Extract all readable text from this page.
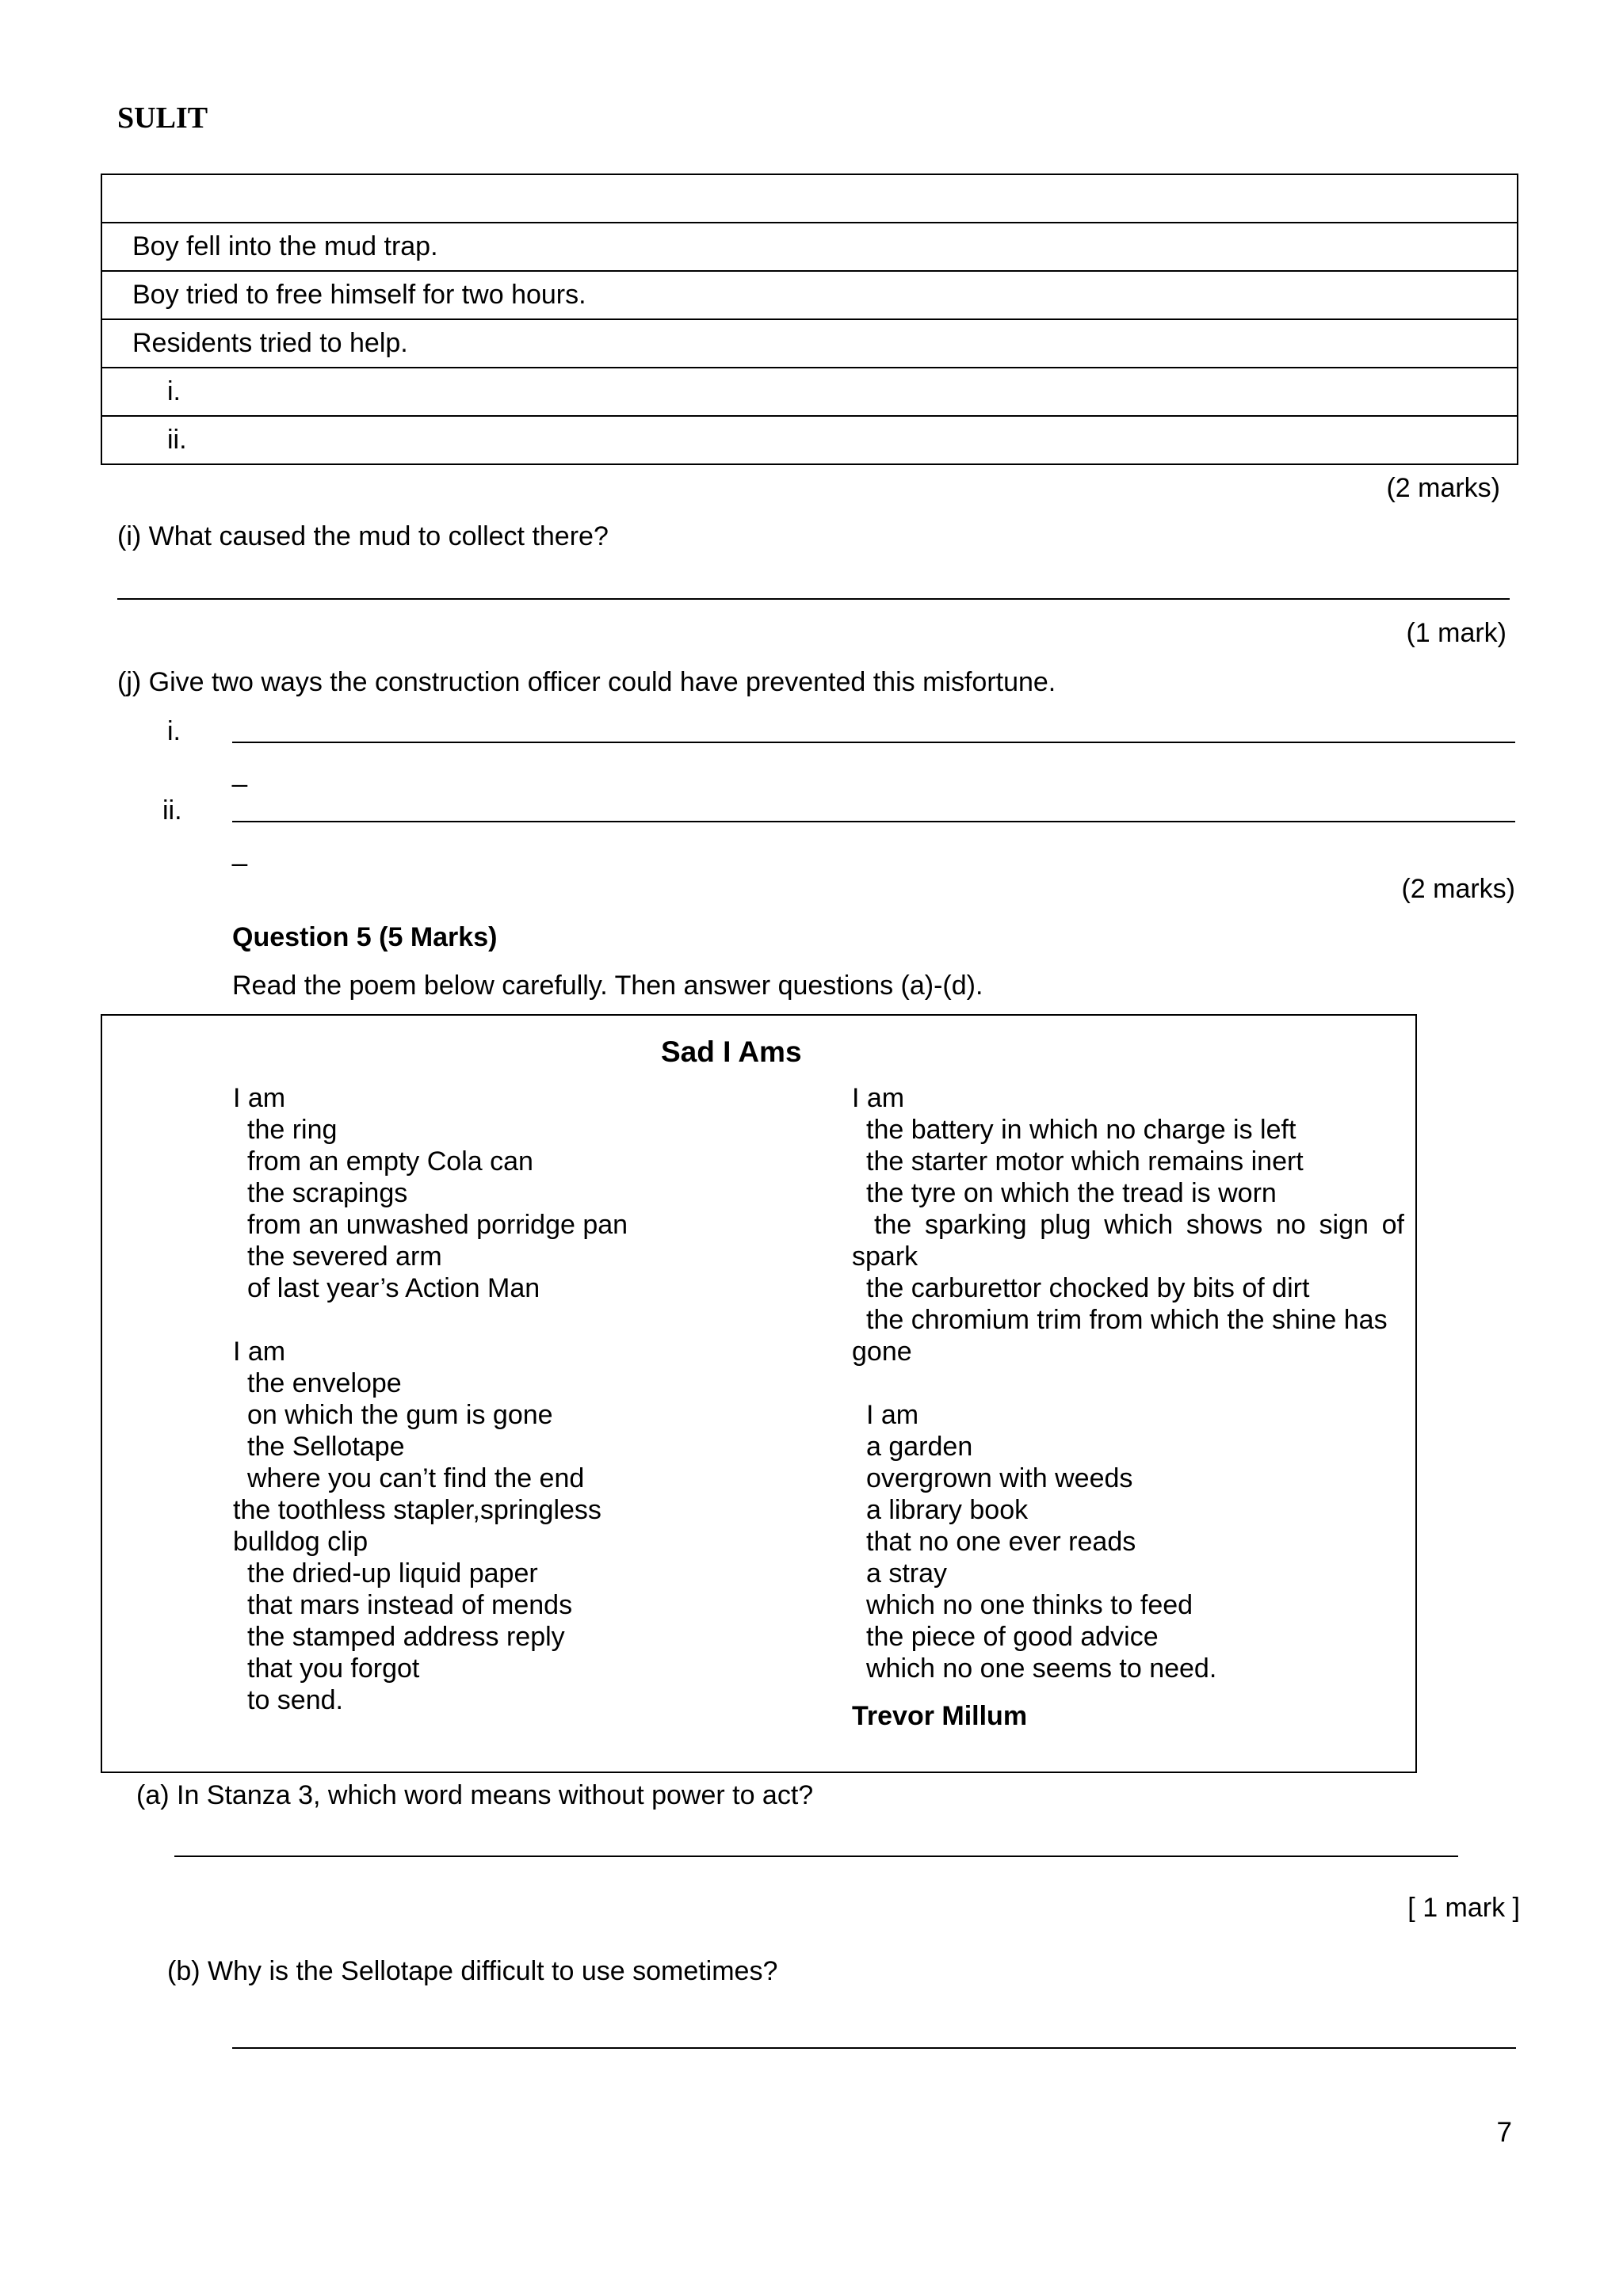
SULIT

Boy fell into the mud trap.
Boy tried to free himself for two hours.
Residents tried to help.
i.
ii.
(2 marks)
(i) What caused the mud to collect there?
(1 mark)
(j) Give two ways the construction officer could have prevented this misfortune.
i.
_
ii.
_
(2 marks)
Question 5 (5 Marks)
Read the poem below carefully. Then answer questions (a)-(d).
Sad I Ams
I am
the ring
from an empty Cola can
the scrapings
from an unwashed porridge pan
the severed arm
of last year’s Action Man
I am
the envelope
on which the gum is gone
the Sellotape
where you can’t find the end
the toothless stapler,springless
bulldog clip
the dried-up liquid paper
that mars instead of mends
the stamped address reply
that you forgot
to send.
I am
the battery in which no charge is left
the starter motor which remains inert
the tyre on which the tread is worn
the sparking plug which shows no sign of spark
the carburettor chocked by bits of dirt
the chromium trim from which the shine has gone
I am
a garden
overgrown with weeds
a library book
that no one ever reads
a stray
which no one thinks to feed
the piece of good advice
which no one seems to need.
Trevor Millum
(a) In Stanza 3, which word means without power to act?
[ 1 mark ]
(b) Why is the Sellotape difficult to use sometimes?
7
